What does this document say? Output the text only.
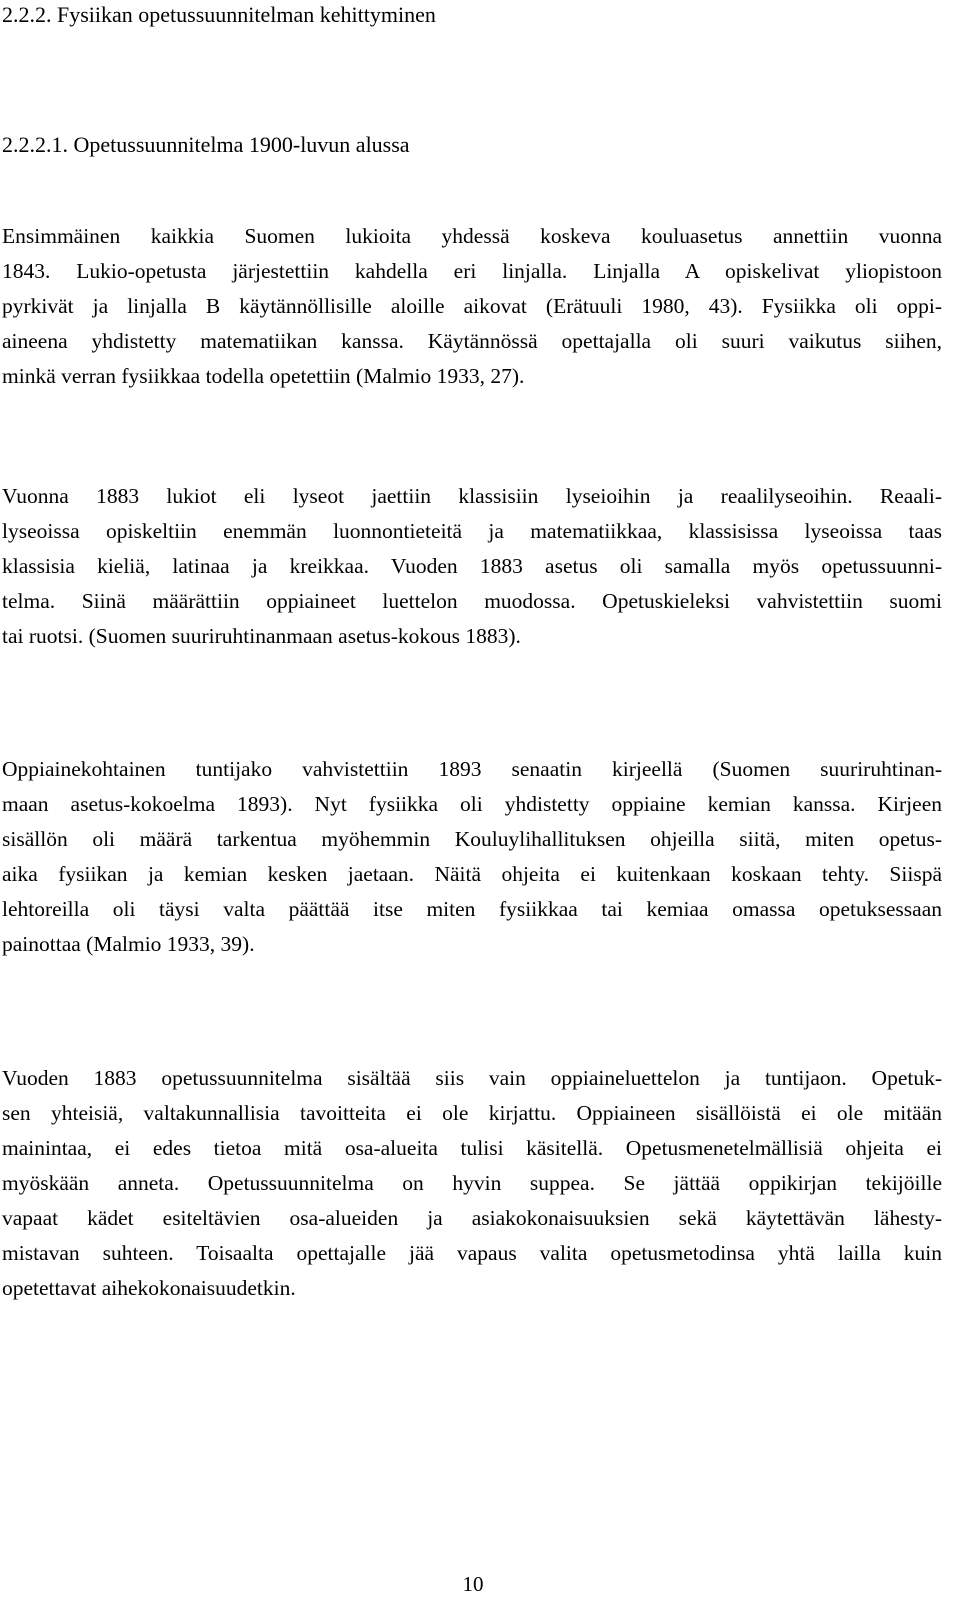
2.2.2. Fysiikan opetussuunnitelman kehittyminen
2.2.2.1. Opetussuunnitelma 1900-luvun alussa
Ensimmäinen kaikkia Suomen lukioita yhdessä koskeva kouluasetus annettiin vuonna
1843. Lukio-opetusta järjestettiin kahdella eri linjalla. Linjalla A opiskelivat yliopistoon
pyrkivät ja linjalla B käytännöllisille aloille aikovat (Erätuuli 1980, 43). Fysiikka oli oppi-
aineena yhdistetty matematiikan kanssa. Käytännössä opettajalla oli suuri vaikutus siihen,
minkä verran fysiikkaa todella opetettiin (Malmio 1933, 27).
Vuonna 1883 lukiot eli lyseot jaettiin klassisiin lyseioihin ja reaalilyseoihin. Reaali-
lyseoissa opiskeltiin enemmän luonnontieteitä ja matematiikkaa, klassisissa lyseoissa taas
klassisia kieliä, latinaa ja kreikkaa. Vuoden 1883 asetus oli samalla myös opetussuunni-
telma. Siinä määrättiin oppiaineet luettelon muodossa. Opetuskieleksi vahvistettiin suomi
tai ruotsi. (Suomen suuriruhtinanmaan asetus-kokous 1883).
Oppiainekohtainen tuntijako vahvistettiin 1893 senaatin kirjeellä (Suomen suuriruhtinan-
maan asetus-kokoelma 1893). Nyt fysiikka oli yhdistetty oppiaine kemian kanssa. Kirjeen
sisällön oli määrä tarkentua myöhemmin Kouluylihallituksen ohjeilla siitä, miten opetus-
aika fysiikan ja kemian kesken jaetaan. Näitä ohjeita ei kuitenkaan koskaan tehty. Siispä
lehtoreilla oli täysi valta päättää itse miten fysiikkaa tai kemiaa omassa opetuksessaan
painottaa (Malmio 1933, 39).
Vuoden 1883 opetussuunnitelma sisältää siis vain oppiaineluettelon ja tuntijaon. Opetuk-
sen yhteisiä, valtakunnallisia tavoitteita ei ole kirjattu. Oppiaineen sisällöistä ei ole mitään
mainintaa, ei edes tietoa mitä osa-alueita tulisi käsitellä. Opetusmenetelmällisiä ohjeita ei
myöskään anneta. Opetussuunnitelma on hyvin suppea. Se jättää oppikirjan tekijöille
vapaat kädet esiteltävien osa-alueiden ja asiakokonaisuuksien sekä käytettävän lähesty-
mistavan suhteen. Toisaalta opettajalle jää vapaus valita opetusmetodinsa yhtä lailla kuin
opetettavat aihekokonaisuudetkin.
10
